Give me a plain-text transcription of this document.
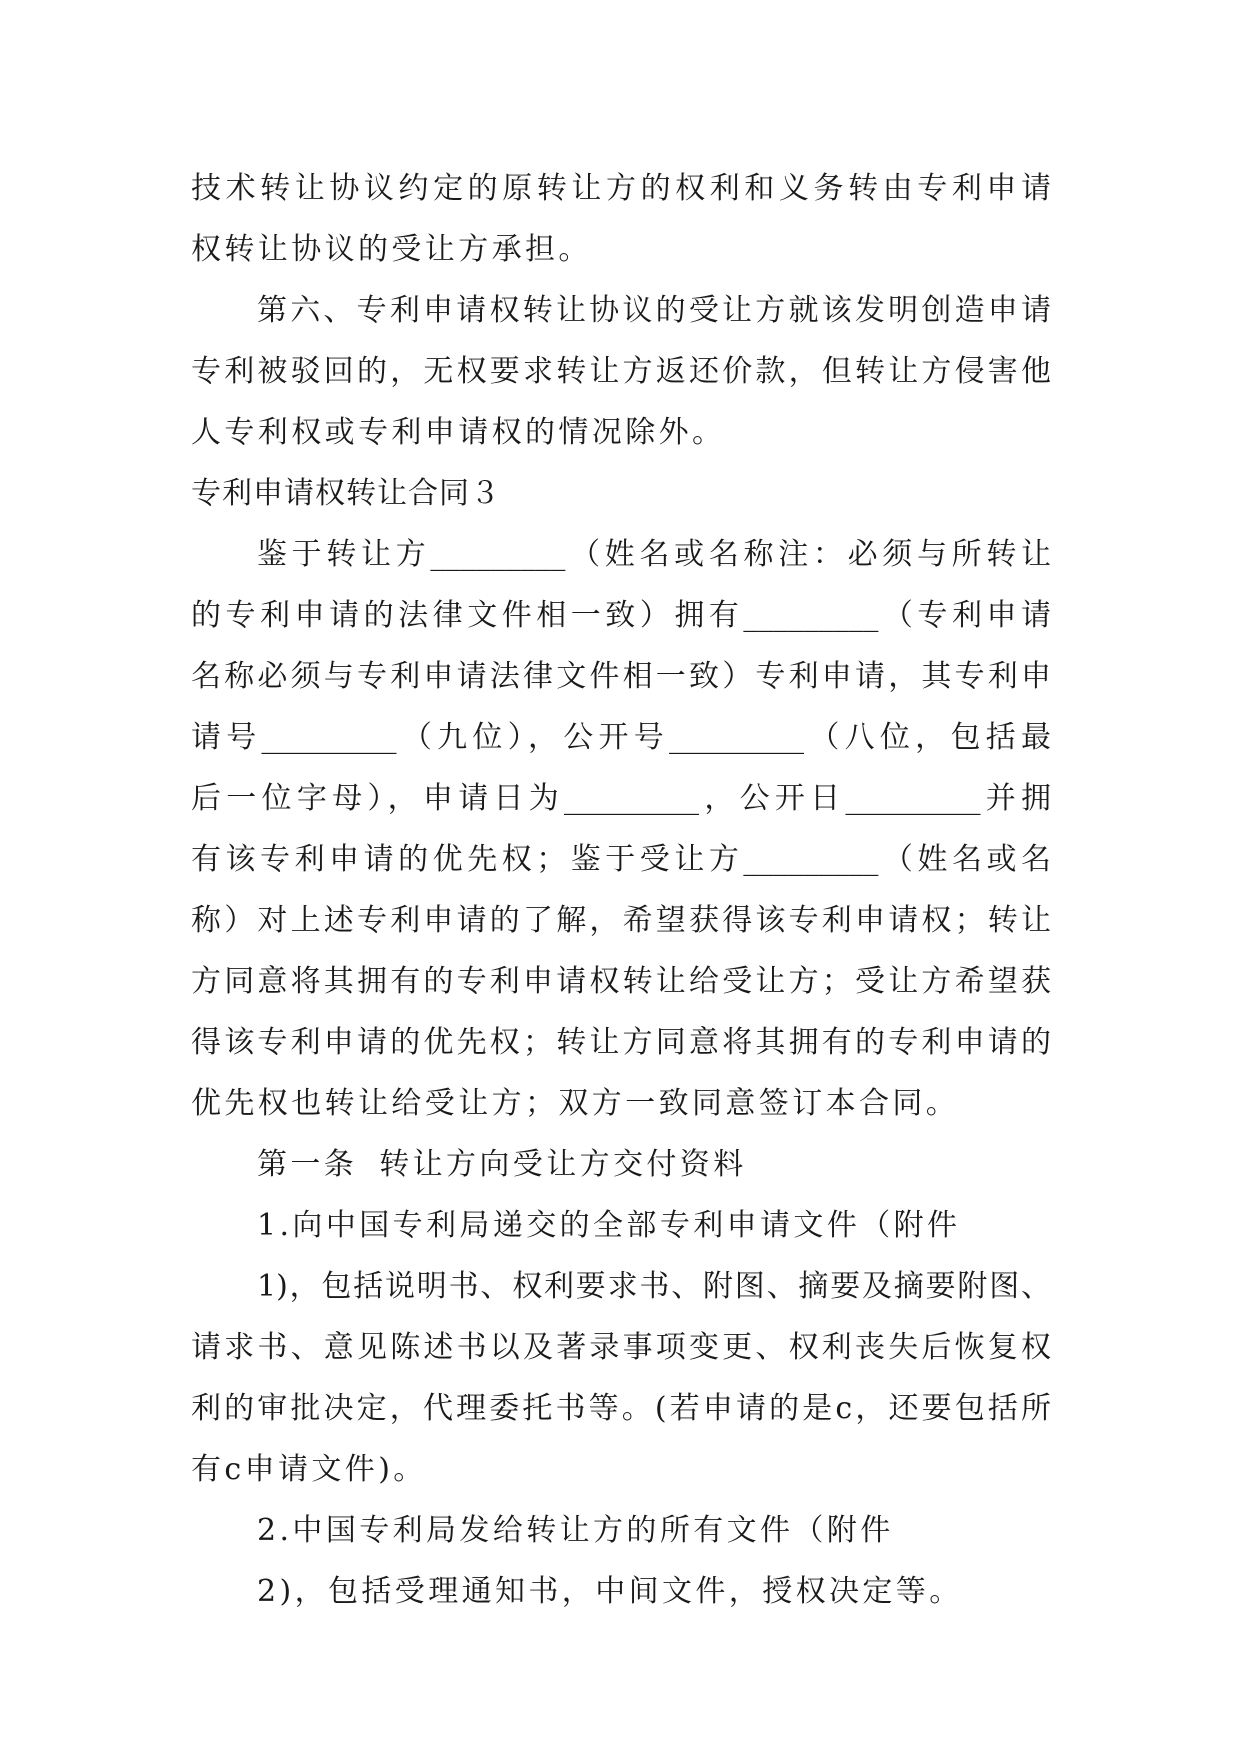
技术转让协议约定的原转让方的权利和义务转由专利申请
权转让协议的受让方承担。
第六、专利申请权转让协议的受让方就该发明创造申请
专利被驳回的，无权要求转让方返还价款，但转让方侵害他
人专利权或专利申请权的情况除外。
专利申请权转让合同３
鉴于转让方_________（姓名或名称注：必须与所转让
的专利申请的法律文件相一致）拥有_________（专利申请
名称必须与专利申请法律文件相一致）专利申请，其专利申
请号_________（九位），公开号_________（八位，包括最
后一位字母），申请日为_________，公开日_________并拥
有该专利申请的优先权；鉴于受让方_________（姓名或名
称）对上述专利申请的了解，希望获得该专利申请权；转让
方同意将其拥有的专利申请权转让给受让方；受让方希望获
得该专利申请的优先权；转让方同意将其拥有的专利申请的
优先权也转让给受让方；双方一致同意签订本合同。
第一条 转让方向受让方交付资料
1.向中国专利局递交的全部专利申请文件（附件
1)，包括说明书、权利要求书、附图、摘要及摘要附图、
请求书、意见陈述书以及著录事项变更、权利丧失后恢复权
利的审批决定，代理委托书等。(若申请的是c，还要包括所
有c申请文件)。
2.中国专利局发给转让方的所有文件（附件
2)，包括受理通知书，中间文件，授权决定等。
